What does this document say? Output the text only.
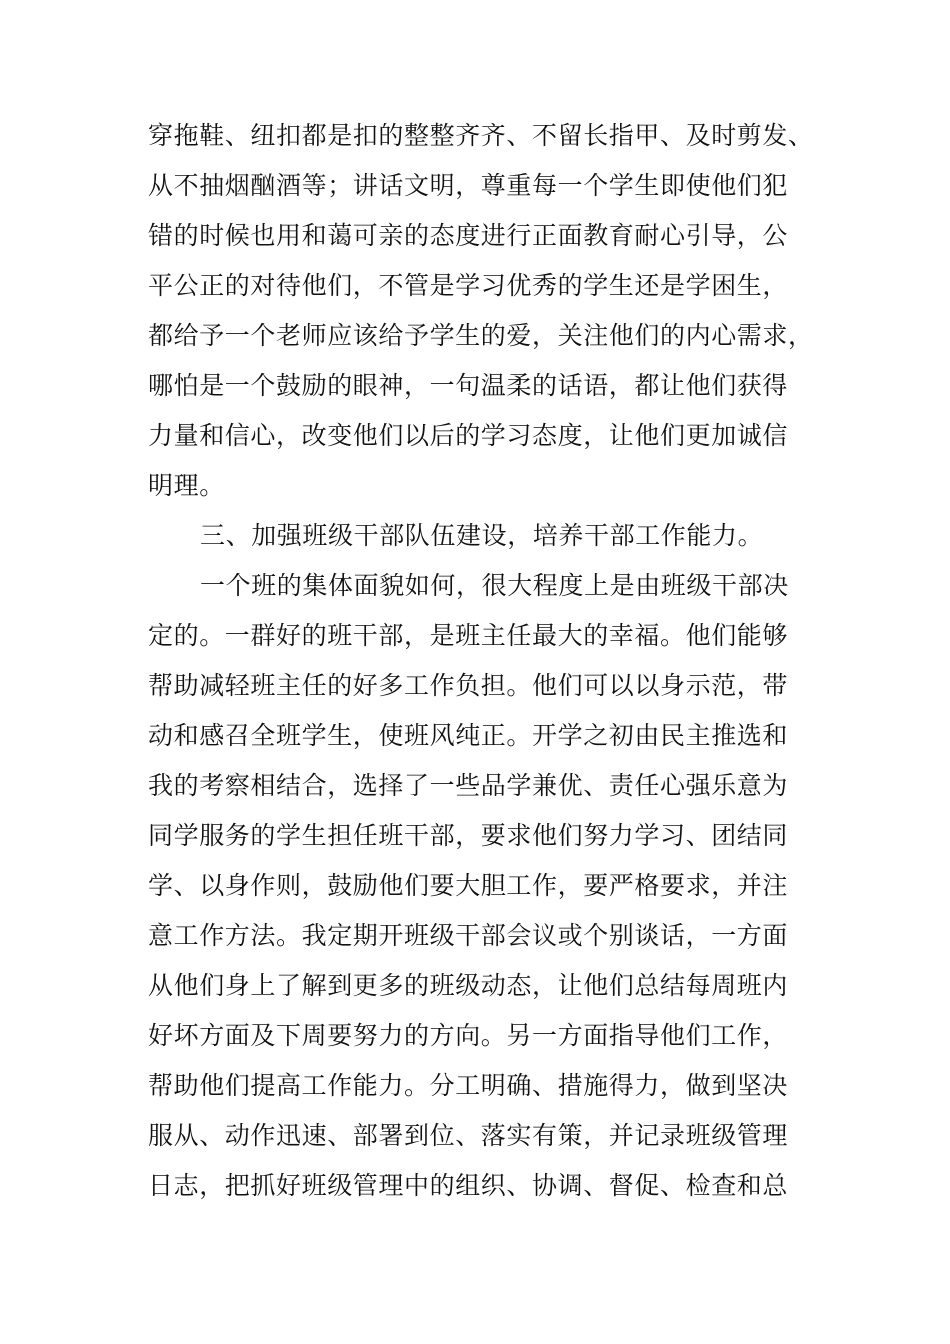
穿拖鞋、纽扣都是扣的整整齐齐、不留长指甲、及时剪发、
从不抽烟酗酒等；讲话文明，尊重每一个学生即使他们犯
错的时候也用和蔼可亲的态度进行正面教育耐心引导，公
平公正的对待他们，不管是学习优秀的学生还是学困生，
都给予一个老师应该给予学生的爱，关注他们的内心需求，
哪怕是一个鼓励的眼神，一句温柔的话语，都让他们获得
力量和信心，改变他们以后的学习态度，让他们更加诚信
明理。
三、加强班级干部队伍建设，培养干部工作能力。
一个班的集体面貌如何，很大程度上是由班级干部决
定的。一群好的班干部，是班主任最大的幸福。他们能够
帮助减轻班主任的好多工作负担。他们可以以身示范，带
动和感召全班学生，使班风纯正。开学之初由民主推选和
我的考察相结合，选择了一些品学兼优、责任心强乐意为
同学服务的学生担任班干部，要求他们努力学习、团结同
学、以身作则，鼓励他们要大胆工作，要严格要求，并注
意工作方法。我定期开班级干部会议或个别谈话，一方面
从他们身上了解到更多的班级动态，让他们总结每周班内
好坏方面及下周要努力的方向。另一方面指导他们工作，
帮助他们提高工作能力。分工明确、措施得力，做到坚决
服从、动作迅速、部署到位、落实有策，并记录班级管理
日志，把抓好班级管理中的组织、协调、督促、检查和总
